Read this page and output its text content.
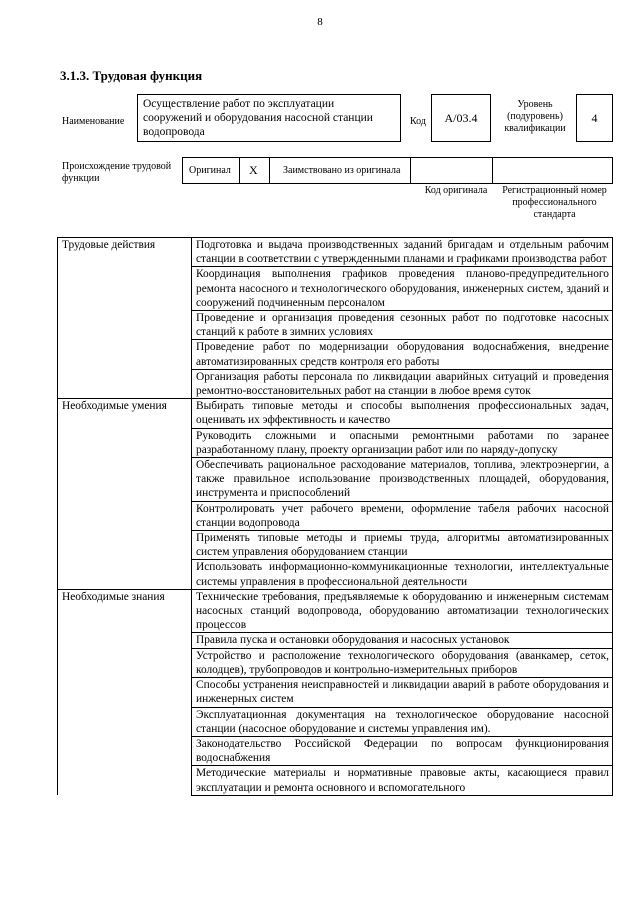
8
3.1.3. Трудовая функция
Наименование
Осуществление работ по эксплуатации сооружений и оборудования насосной станции водопровода
Код	А/03.4
Уровень (подуровень) квалификации
4
Происхождение трудовой функции
Оригинал Х	Заимствовано из оригинала
Код оригинала	Регистрационный номер профессионального стандарта
Трудовые действия	Подготовка и выдача производственных заданий бригадам и отдельным рабочим станции в соответствии с утвержденными планами и графиками производства работ
	Координация выполнения графиков проведения планово-предупредительного ремонта насосного и технологического оборудования, инженерных систем, зданий и сооружений подчиненным персоналом
	Проведение и организация проведения сезонных работ по подготовке насосных станций к работе в зимних условиях
	Проведение работ по модернизации оборудования водоснабжения, внедрение автоматизированных средств контроля его работы
	Организация работы персонала по ликвидации аварийных ситуаций и проведения ремонтно-восстановительных работ на станции в любое время суток
Необходимые умения	Выбирать типовые методы и способы выполнения профессиональных задач, оценивать их эффективность и качество
	Руководить сложными и опасными ремонтными работами по заранее разработанному плану, проекту организации работ или по наряду-допуску
	Обеспечивать рациональное расходование материалов, топлива, электроэнергии, а также правильное использование производственных площадей, оборудования, инструмента и приспособлений
	Контролировать учет рабочего времени, оформление табеля рабочих насосной станции водопровода
	Применять типовые методы и приемы труда, алгоритмы автоматизированных систем управления оборудованием станции
	Использовать информационно-коммуникационные технологии, интеллектуальные системы управления в профессиональной деятельности
Необходимые знания	Технические требования, предъявляемые к оборудованию и инженерным системам насосных станций водопровода, оборудованию автоматизации технологических процессов
	Правила пуска и остановки оборудования и насосных установок
	Устройство и расположение технологического оборудования (аванкамер, сеток, колодцев), трубопроводов и контрольно-измерительных приборов
	Способы устранения неисправностей и ликвидации аварий в работе оборудования и инженерных систем
	Эксплуатационная документация на технологическое оборудование насосной станции (насосное оборудование и системы управления им).
	Законодательство Российской Федерации по вопросам функционирования водоснабжения
	Методические материалы и нормативные правовые акты, касающиеся правил эксплуатации и ремонта основного и вспомогательного
